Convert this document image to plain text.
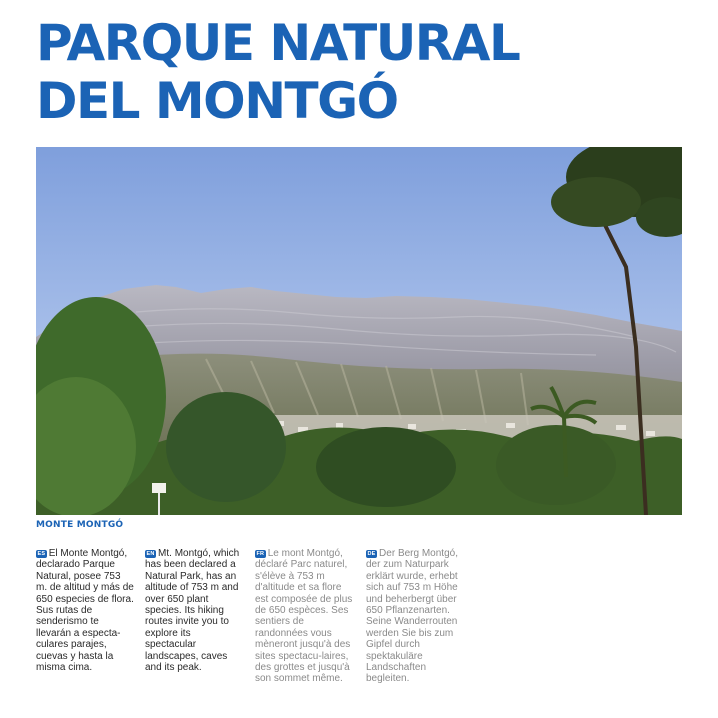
PARQUE NATURAL
DEL MONTGÓ
MONTE MONTGÓ
ES El Monte Montgó, declarado Parque Natural, posee 753 m. de altitud y más de 650 especies de flora. Sus rutas de senderismo te llevarán a especta-culares parajes, cuevas y hasta la misma cima.
EN Mt. Montgó, which has been declared a Natural Park, has an altitude of 753 m and over 650 plant species. Its hiking routes invite you to explore its spectacular landscapes, caves and its peak.
FR Le mont Montgó, déclaré Parc naturel, s'élève à 753 m d'altitude et sa flore est composée de plus de 650 espèces. Ses sentiers de randonnées vous mèneront jusqu'à des sites spectacu-laires, des grottes et jusqu'à son sommet même.
DE Der Berg Montgó, der zum Naturpark erklärt wurde, erhebt sich auf 753 m Höhe und beherbergt über 650 Pflanzenarten. Seine Wanderrouten werden Sie bis zum Gipfel durch spektakuläre Landschaften begleiten.
